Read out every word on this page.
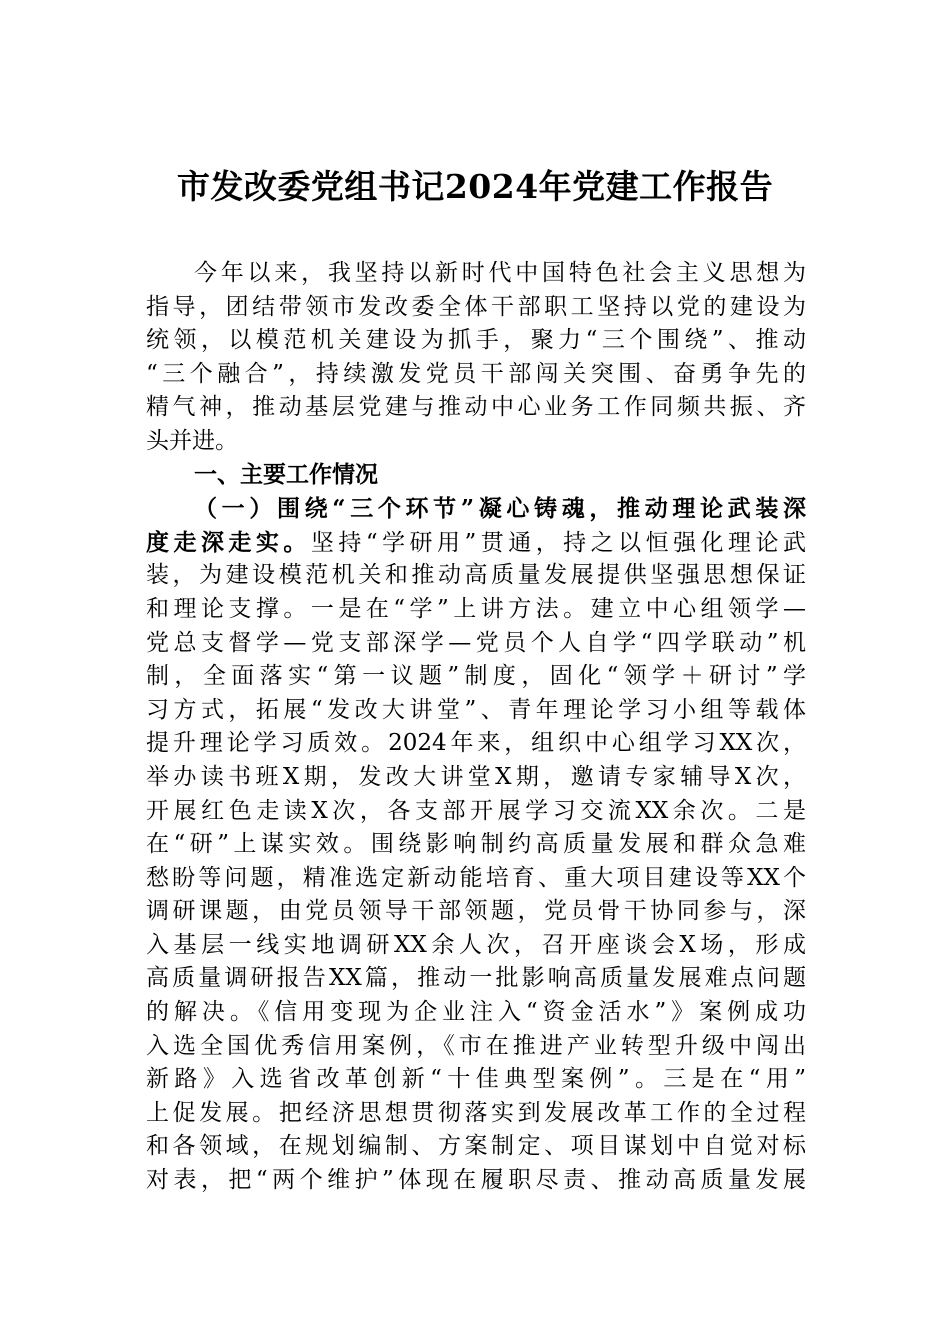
市发改委党组书记2024年党建工作报告
今年以来，我坚持以新时代中国特色社会主义思想为
指导，团结带领市发改委全体干部职工坚持以党的建设为
统领，以模范机关建设为抓手，聚力“三个围绕”、推动
“三个融合”，持续激发党员干部闯关突围、奋勇争先的
精气神，推动基层党建与推动中心业务工作同频共振、齐
头并进。
一、主要工作情况
（一）围绕“三个环节”凝心铸魂，推动理论武装深
度走深走实。坚持“学研用”贯通，持之以恒强化理论武
装，为建设模范机关和推动高质量发展提供坚强思想保证
和理论支撑。一是在“学”上讲方法。建立中心组领学—
党总支督学—党支部深学—党员个人自学“四学联动”机
制，全面落实“第一议题”制度，固化“领学＋研讨”学
习方式，拓展“发改大讲堂”、青年理论学习小组等载体
提升理论学习质效。2024年来，组织中心组学习XX次，
举办读书班X期，发改大讲堂X期，邀请专家辅导X次，
开展红色走读X次，各支部开展学习交流XX余次。二是
在“研”上谋实效。围绕影响制约高质量发展和群众急难
愁盼等问题，精准选定新动能培育、重大项目建设等XX个
调研课题，由党员领导干部领题，党员骨干协同参与，深
入基层一线实地调研XX余人次，召开座谈会X场，形成
高质量调研报告XX篇，推动一批影响高质量发展难点问题
的解决。《信用变现为企业注入“资金活水”》案例成功
入选全国优秀信用案例，《市在推进产业转型升级中闯出
新路》入选省改革创新“十佳典型案例”。三是在“用”
上促发展。把经济思想贯彻落实到发展改革工作的全过程
和各领域，在规划编制、方案制定、项目谋划中自觉对标
对表，把“两个维护”体现在履职尽责、推动高质量发展
